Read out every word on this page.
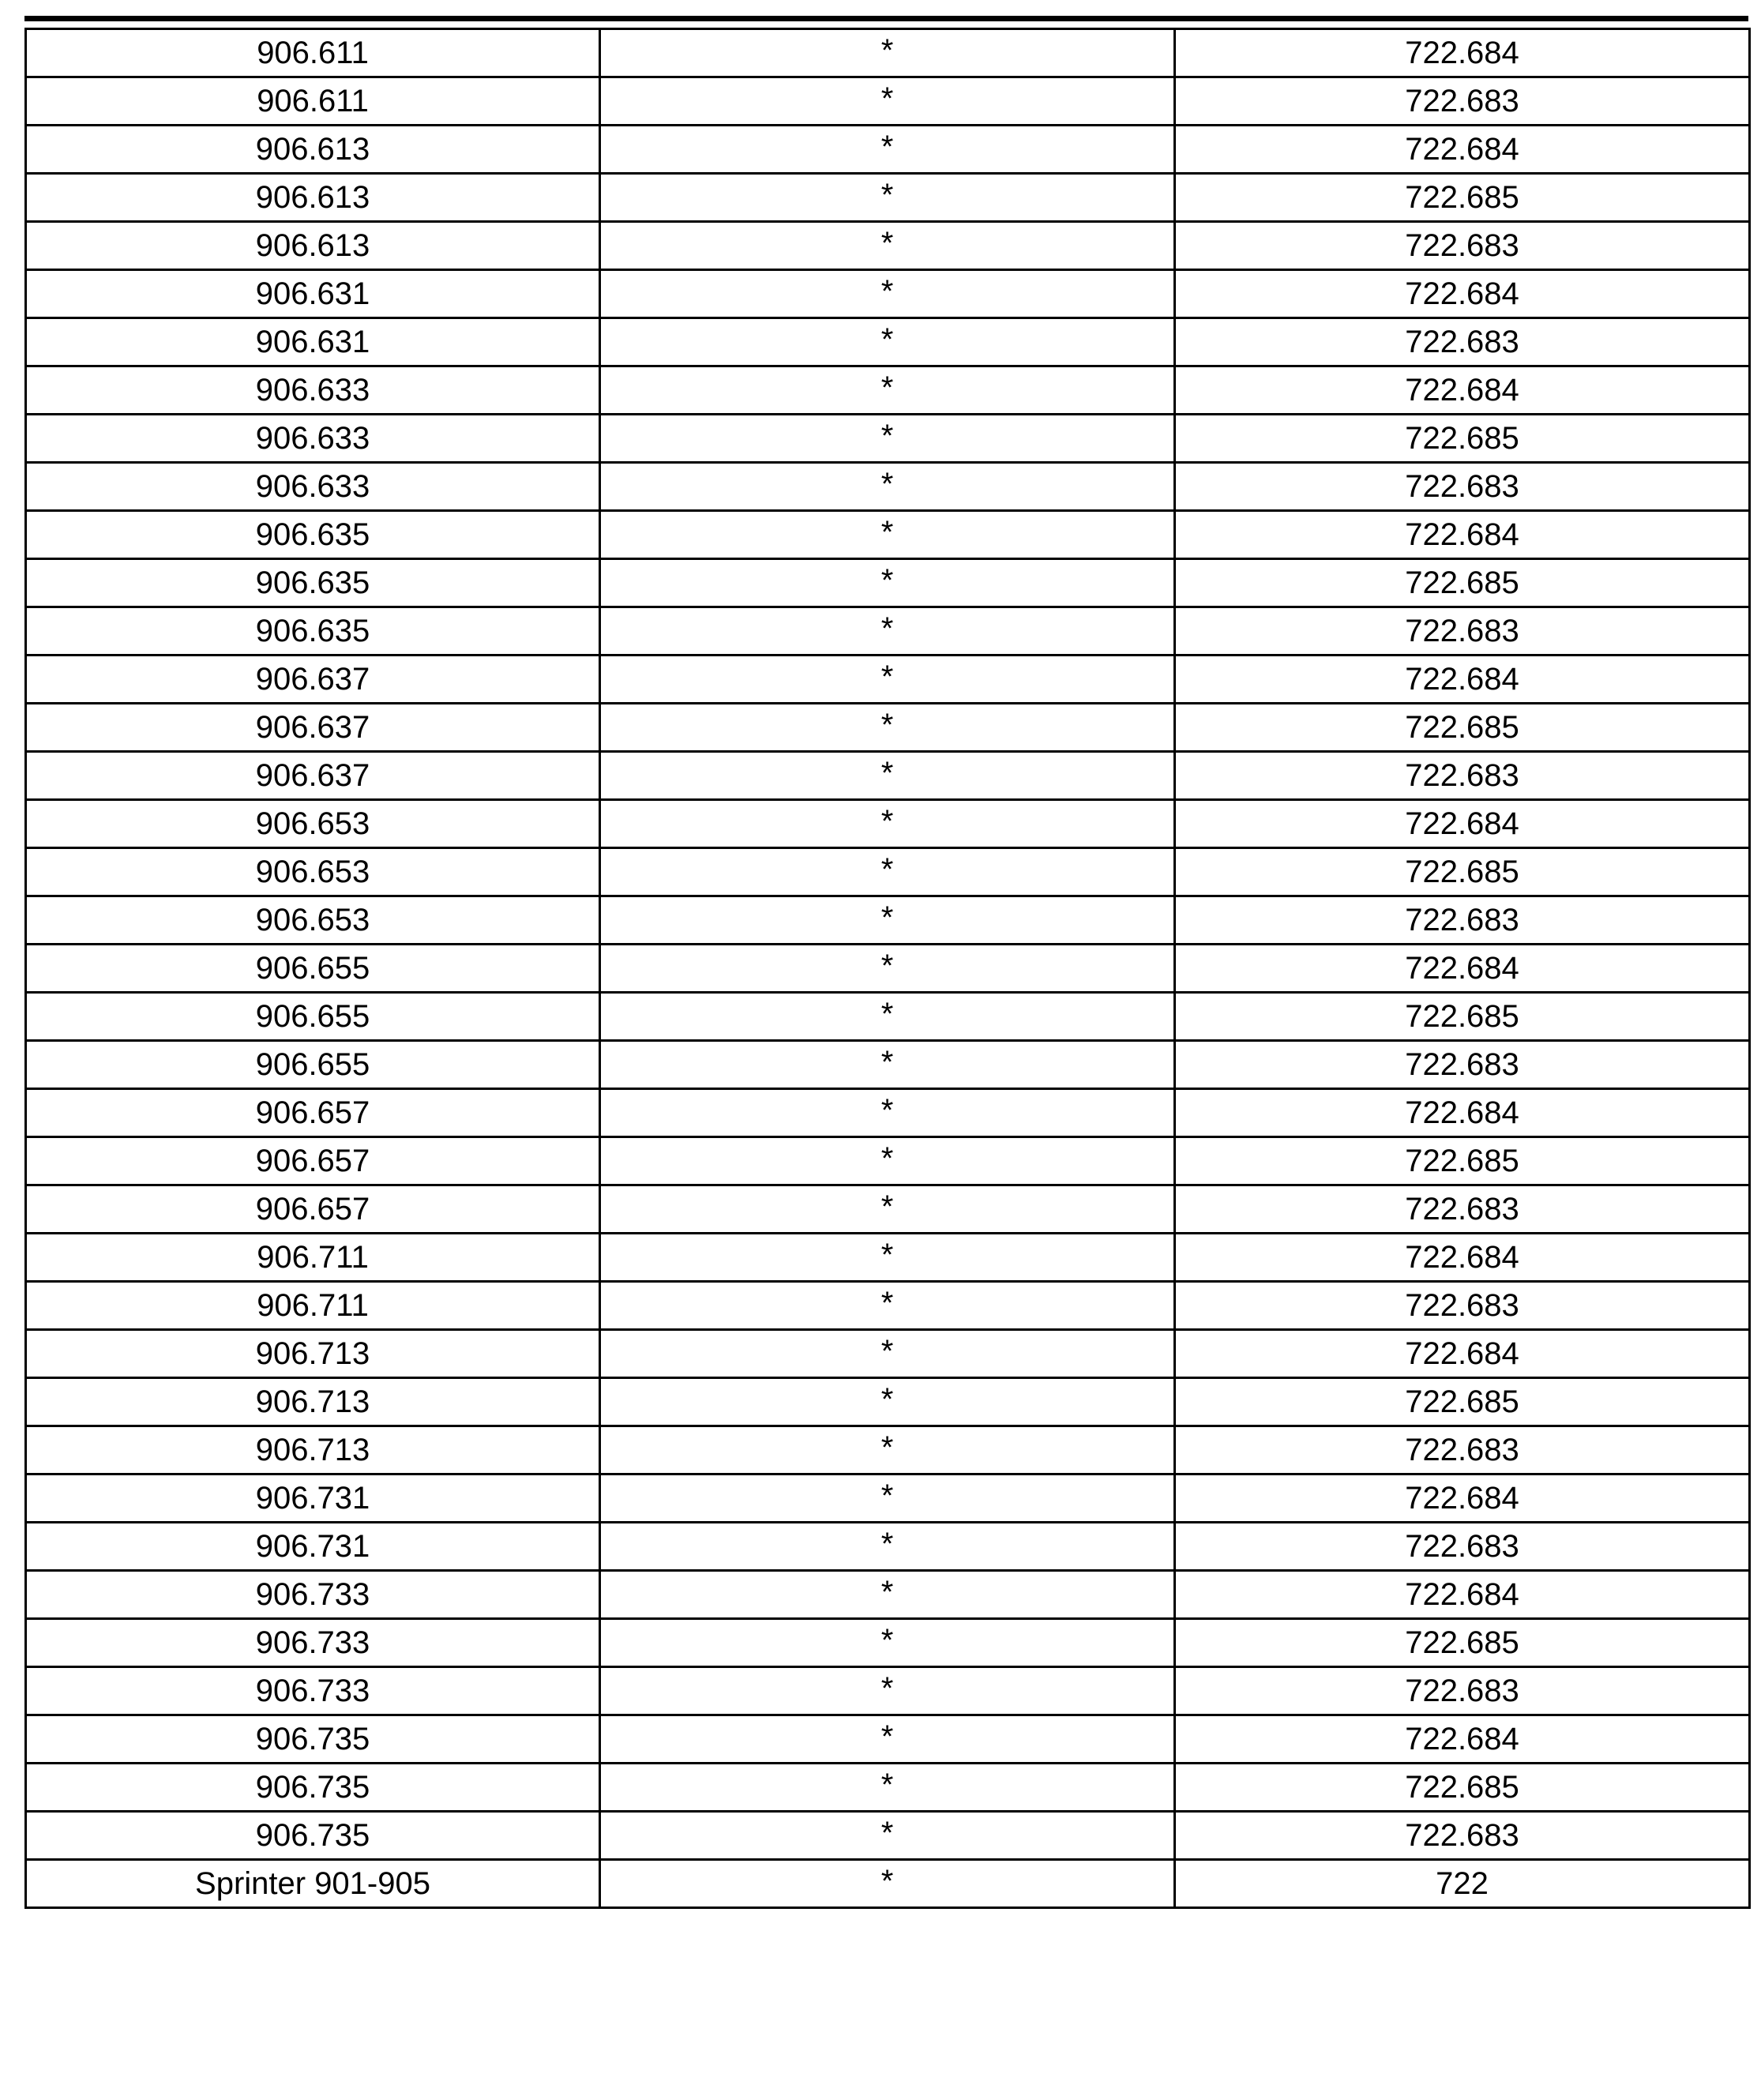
906.611	*	722.684

906.611	*	722.683

906.613	*	722.684

906.613	*	722.685

906.613	*	722.683

906.631	*	722.684

906.631	*	722.683

906.633	*	722.684

906.633	*	722.685

906.633	*	722.683

906.635	*	722.684

906.635	*	722.685

906.635	*	722.683

906.637	*	722.684

906.637	*	722.685

906.637	*	722.683

906.653	*	722.684

906.653	*	722.685

906.653	*	722.683

906.655	*	722.684

906.655	*	722.685

906.655	*	722.683

906.657	*	722.684

906.657	*	722.685

906.657	*	722.683

906.711	*	722.684

906.711	*	722.683

906.713	*	722.684

906.713	*	722.685

906.713	*	722.683

906.731	*	722.684

906.731	*	722.683

906.733	*	722.684

906.733	*	722.685

906.733	*	722.683

906.735	*	722.684

906.735	*	722.685

906.735	*	722.683

Sprinter 901-905	*	722
